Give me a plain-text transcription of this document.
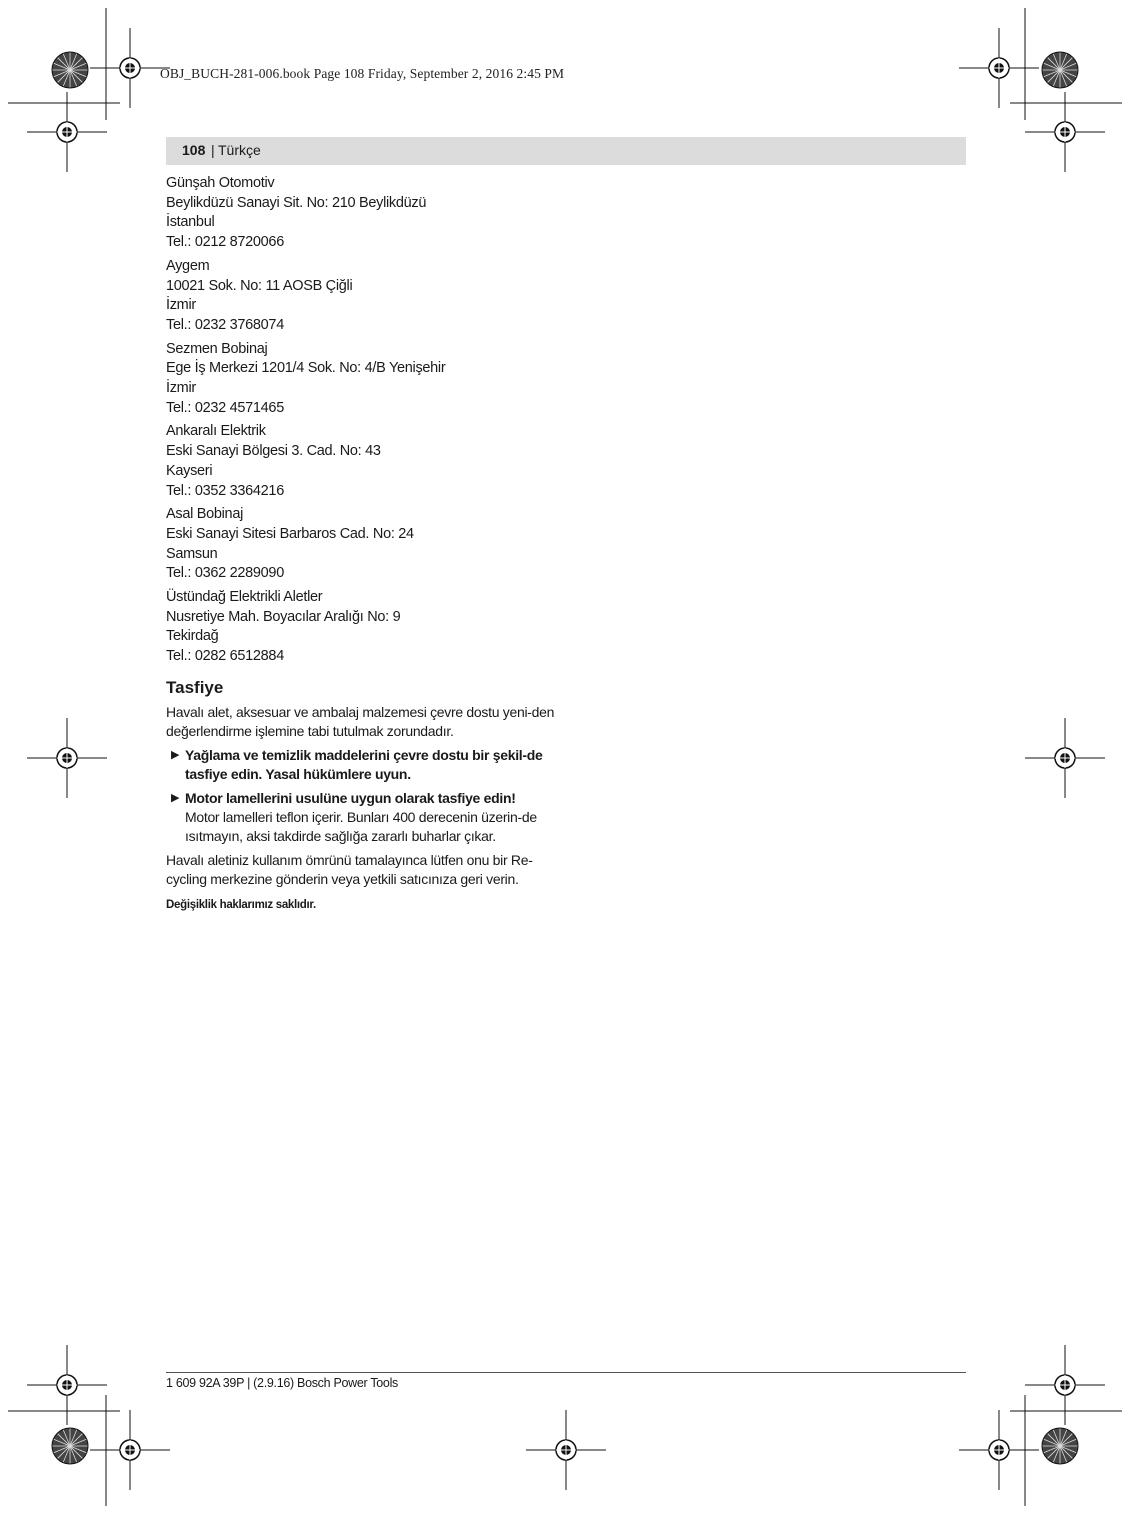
OBJ_BUCH-281-006.book Page 108 Friday, September 2, 2016 2:45 PM
108 | Türkçe
Günşah Otomotiv
Beylikdüzü Sanayi Sit. No: 210 Beylikdüzü
İstanbul
Tel.: 0212 8720066
Aygem
10021 Sok. No: 11 AOSB Çiğli
İzmir
Tel.: 0232 3768074
Sezmen Bobinaj
Ege İş Merkezi 1201/4 Sok. No: 4/B Yenişehir
İzmir
Tel.: 0232 4571465
Ankaralı Elektrik
Eski Sanayi Bölgesi 3. Cad. No: 43
Kayseri
Tel.: 0352 3364216
Asal Bobinaj
Eski Sanayi Sitesi Barbaros Cad. No: 24
Samsun
Tel.: 0362 2289090
Üstündağ Elektrikli Aletler
Nusretiye Mah. Boyacılar Aralığı No: 9
Tekirdağ
Tel.: 0282 6512884
Tasfiye

Havalı alet, aksesuar ve ambalaj malzemesi çevre dostu yeni-den değerlendirme işlemine tabi tutulmak zorundadır.

▶ Yağlama ve temizlik maddelerini çevre dostu bir şekil-de tasfiye edin. Yasal hükümlere uyun.
▶ Motor lamellerini usulüne uygun olarak tasfiye edin!
Motor lamelleri teflon içerir. Bunları 400 derecenin üzerin-de ısıtmayın, aksi takdirde sağlığa zararlı buharlar çıkar.

Havalı aletiniz kullanım ömrünü tamalayınca lütfen onu bir Re-cycling merkezine gönderin veya yetkili satıcınıza geri verin.

Değişiklik haklarımız saklıdır.
1 609 92A 39P | (2.9.16) Bosch Power Tools
